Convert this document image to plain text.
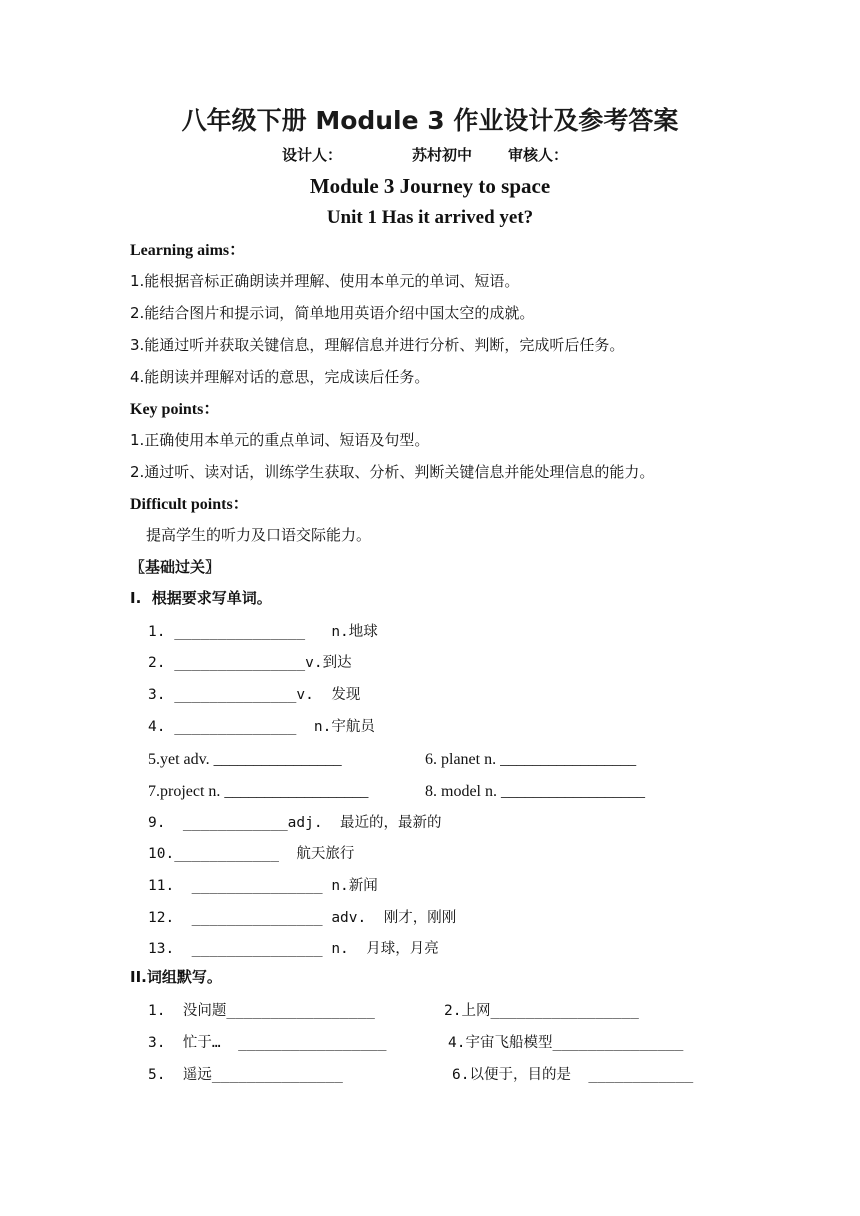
八年级下册 Module 3 作业设计及参考答案
设计人：	苏村初中 审核人：
Module 3 Journey to space
Unit 1 Has it arrived yet?
Learning aims：
1.能根据音标正确朗读并理解、使用本单元的单词、短语。
2.能结合图片和提示词，简单地用英语介绍中国太空的成就。
3.能通过听并获取关键信息，理解信息并进行分析、判断，完成听后任务。
4.能朗读并理解对话的意思，完成读后任务。
Key points：
1.正确使用本单元的重点单词、短语及句型。
2.通过听、读对话，训练学生获取、分析、判断关键信息并能处理信息的能力。
Difficult points：
提高学生的听力及口语交际能力。
〖基础过关〗
I.  根据要求写单词。
1. _______________   n.地球
2. _______________v.到达
3. ______________v.  发现
4. ______________  n.宇航员
5.yet adv. ________________	6. planet n. _________________
7.project n. __________________	8. model n. __________________
9.  ____________adj.  最近的，最新的
10.____________  航天旅行
11.  _______________ n.新闻
12.  _______________ adv.  刚才，刚刚
13.  _______________ n.  月球，月亮
II.词组默写。
1.  没问题_________________	2.上网_________________
3.  忙于…  _________________	4.宇宙飞船模型_______________
5.  遥远_______________	6.以便于，目的是  ____________
